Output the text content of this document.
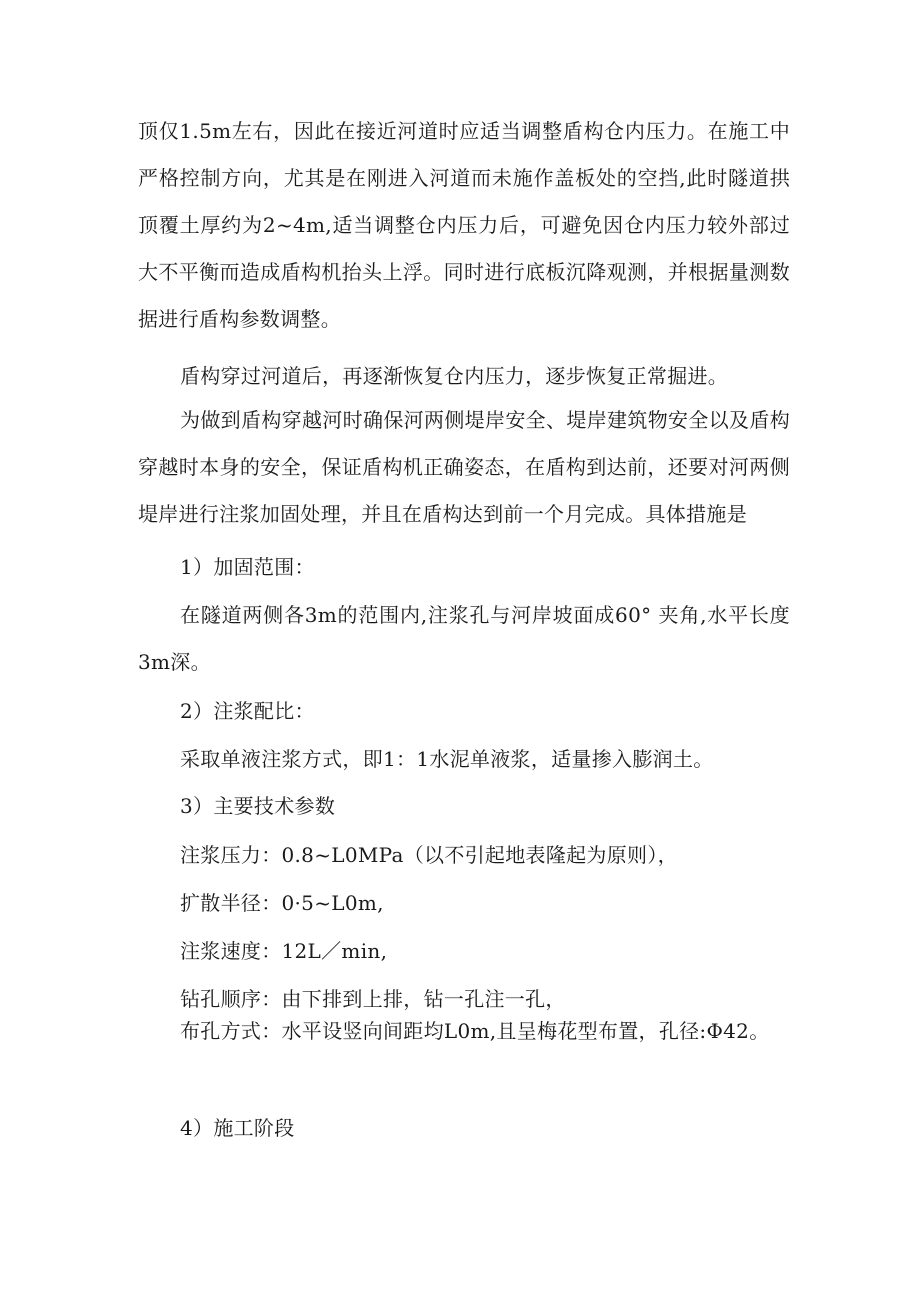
顶仅1.5m左右，因此在接近河道时应适当调整盾构仓内压力。在施工中严格控制方向，尤其是在刚进入河道而未施作盖板处的空挡,此时隧道拱顶覆土厚约为2~4m,适当调整仓内压力后，可避免因仓内压力较外部过大不平衡而造成盾构机抬头上浮。同时进行底板沉降观测，并根据量测数据进行盾构参数调整。
盾构穿过河道后，再逐渐恢复仓内压力，逐步恢复正常掘进。
为做到盾构穿越河时确保河两侧堤岸安全、堤岸建筑物安全以及盾构穿越时本身的安全，保证盾构机正确姿态，在盾构到达前，还要对河两侧堤岸进行注浆加固处理，并且在盾构达到前一个月完成。具体措施是
1）加固范围：
在隧道两侧各3m的范围内,注浆孔与河岸坡面成60° 夹角,水平长度3m深。
2）注浆配比：
采取单液注浆方式，即1：1水泥单液浆，适量掺入膨润土。
3）主要技术参数
注浆压力：0.8~L0MPa（以不引起地表隆起为原则），
扩散半径：0·5~L0m,
注浆速度：12L／min,
钻孔顺序：由下排到上排，钻一孔注一孔，
布孔方式：水平设竖向间距均L0m,且呈梅花型布置，孔径:Φ42。
4）施工阶段
